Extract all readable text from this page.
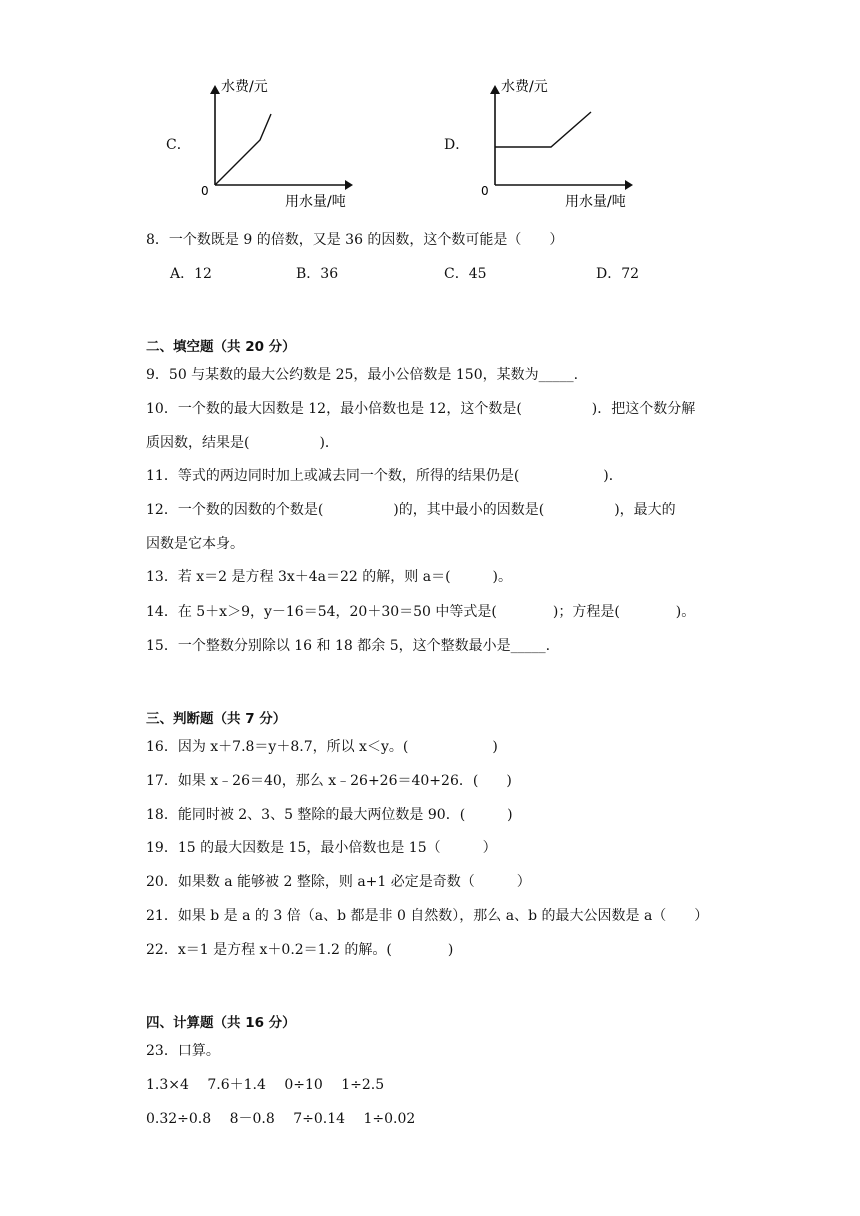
C．
水费/元
0
用水量/吨
D．
水费/元
0
用水量/吨
8．一个数既是 9 的倍数，又是 36 的因数，这个数可能是（　　）
A．12	B．36	C．45	D．72
二、填空题（共 20 分）
9．50 与某数的最大公约数是 25，最小公倍数是 150，某数为_____.
10．一个数的最大因数是 12，最小倍数也是 12，这个数是(　　　　　)．把这个数分解
质因数，结果是(　　　　　)．
11．等式的两边同时加上或减去同一个数，所得的结果仍是(　　　　　　)．
12．一个数的因数的个数是(　　　　　)的，其中最小的因数是(　　　　　)，最大的
因数是它本身。
13．若 x＝2 是方程 3x＋4a＝22 的解，则 a＝(　　　)。
14．在 5＋x＞9，y－16＝54，20＋30＝50 中等式是(　　　　)；方程是(　　　　)。
15．一个整数分别除以 16 和 18 都余 5，这个整数最小是_____.
三、判断题（共 7 分）
16．因为 x＋7.8＝y＋8.7，所以 x＜y。(　　　　　　)
17．如果 x﹣26＝40，那么 x﹣26+26＝40+26．(　　)
18．能同时被 2、3、5 整除的最大两位数是 90．(　　　)
19．15 的最大因数是 15，最小倍数也是 15（　　　）
20．如果数 a 能够被 2 整除，则 a+1 必定是奇数（　　　）
21．如果 b 是 a 的 3 倍（a、b 都是非 0 自然数），那么 a、b 的最大公因数是 a（　　）
22．x＝1 是方程 x＋0.2＝1.2 的解。(　　　　)
四、计算题（共 16 分）
23．口算。
1.3×4　 7.6＋1.4　 0÷10　 1÷2.5
0.32÷0.8　 8－0.8　 7÷0.14　 1÷0.02
